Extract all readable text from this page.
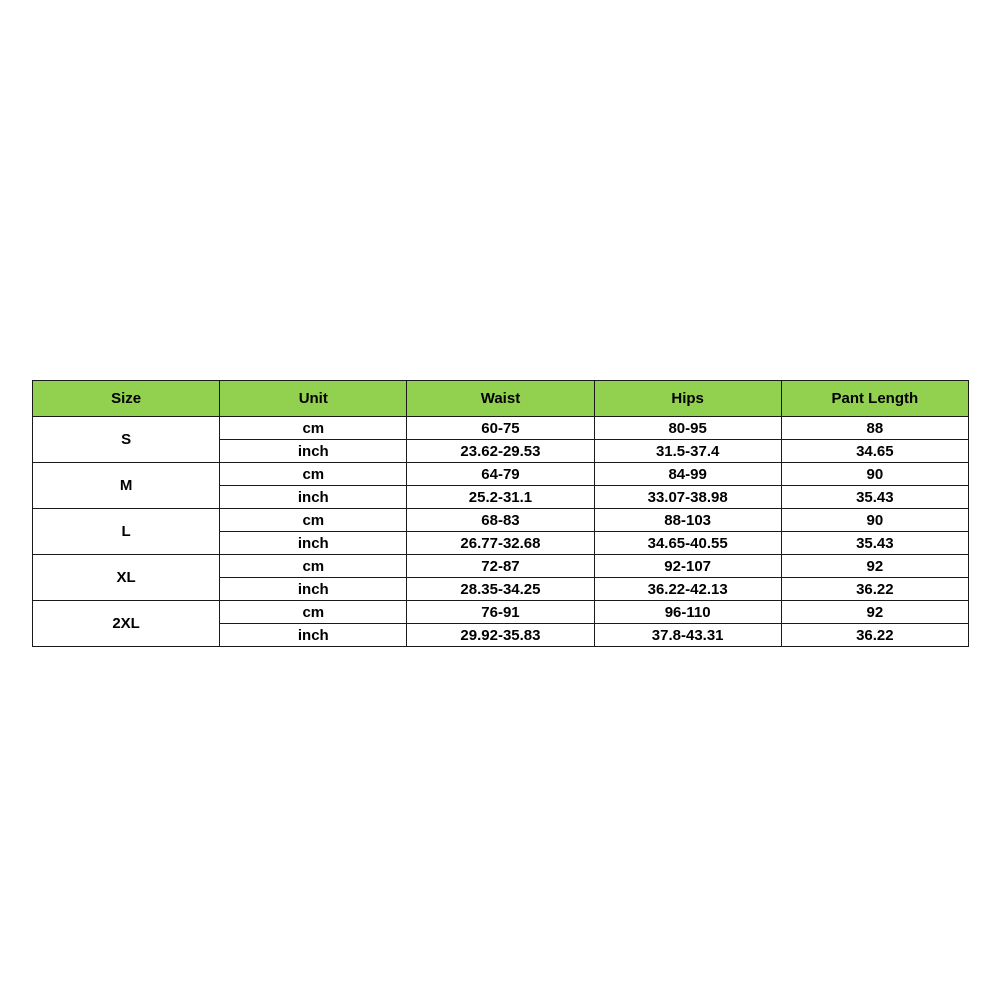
Size	Unit	Waist	Hips	Pant Length
S	cm	60-75	80-95	88
	inch	23.62-29.53	31.5-37.4	34.65
M	cm	64-79	84-99	90
	inch	25.2-31.1	33.07-38.98	35.43
L	cm	68-83	88-103	90
	inch	26.77-32.68	34.65-40.55	35.43
XL	cm	72-87	92-107	92
	inch	28.35-34.25	36.22-42.13	36.22
2XL	cm	76-91	96-110	92
	inch	29.92-35.83	37.8-43.31	36.22
